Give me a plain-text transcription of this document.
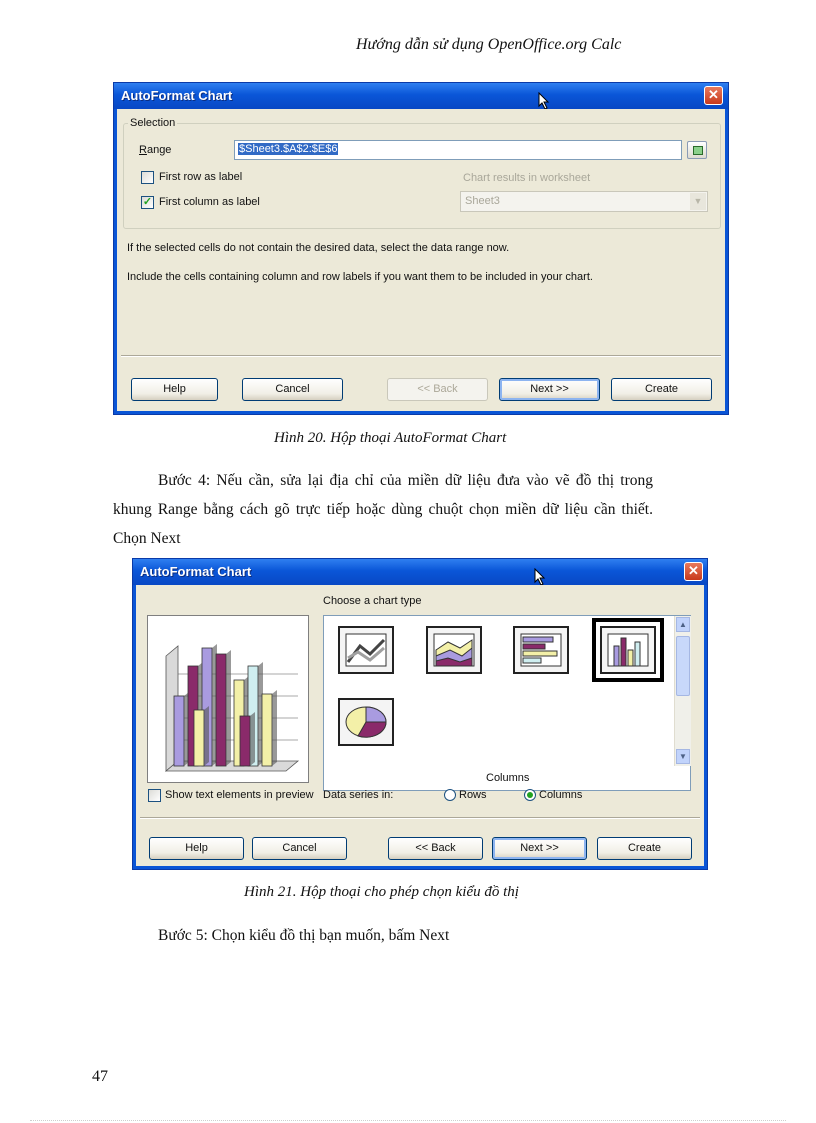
Hướng dẫn sử dụng OpenOffice.org Calc
AutoFormat Chart	✕
Selection
Range	$Sheet3.$A$2:$E$6
First row as label
✓ First column as label
Chart results in worksheet
Sheet3	▼
If the selected cells do not contain the desired data, select the data range now.
Include the cells containing column and row labels if you want them to be included in your chart.
Help	Cancel	<< Back	Next >>	Create
Hình 20. Hộp thoại AutoFormat Chart
Bước 4: Nếu cần, sửa lại địa chỉ của miền dữ liệu đưa vào vẽ đồ thị trong khung Range bằng cách gõ trực tiếp hoặc dùng chuột chọn miền dữ liệu cần thiết. Chọn Next
AutoFormat Chart	✕
Choose a chart type
▲
▼
Columns
Show text elements in preview Data series in:	Rows	Columns
Help	Cancel	<< Back	Next >>	Create
Hình 21. Hộp thoại cho phép chọn kiểu đồ thị
Bước 5: Chọn kiểu đồ thị bạn muốn, bấm Next
47
